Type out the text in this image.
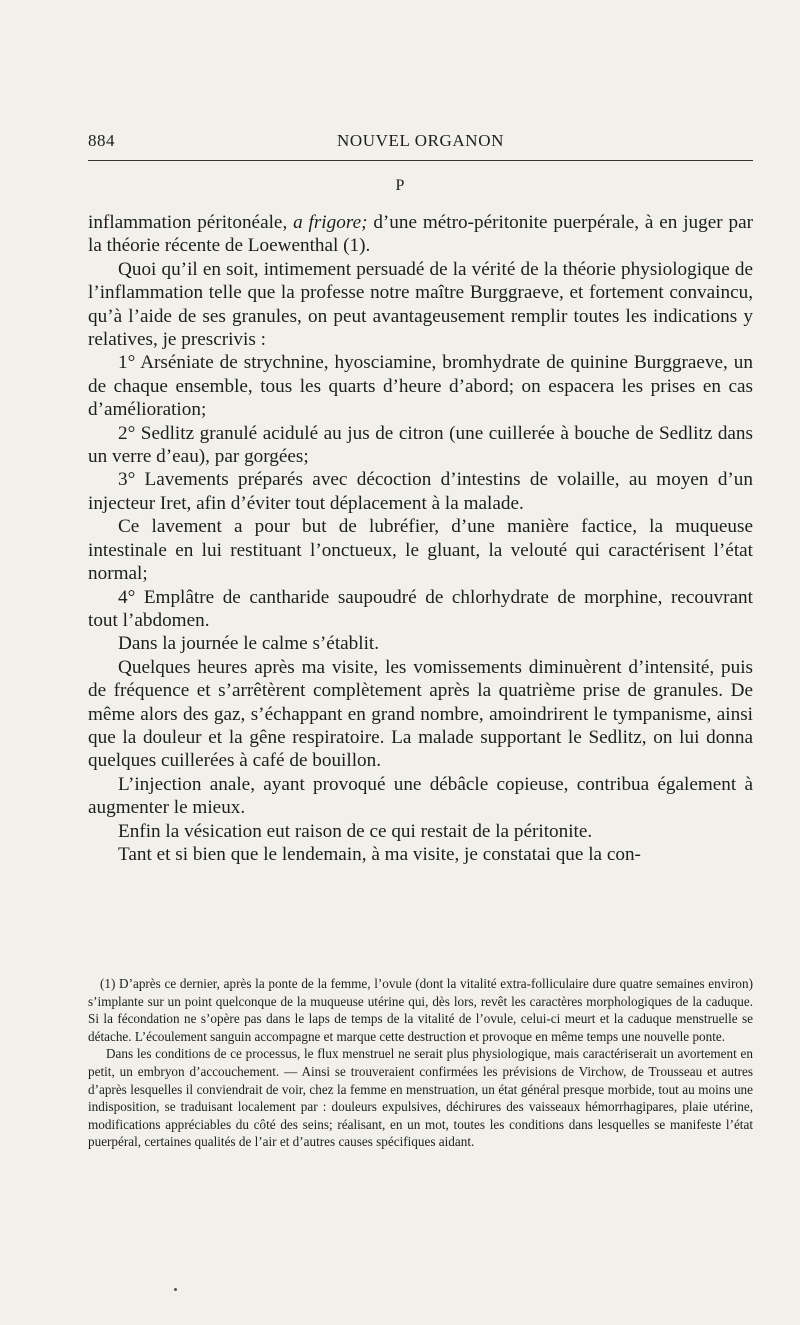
884	NOUVEL ORGANON
P

inflammation péritonéale, a frigore; d’une métro-péritonite puerpérale, à en juger par la théorie récente de Loewenthal (1).

Quoi qu’il en soit, intimement persuadé de la vérité de la théorie physiologique de l’inflammation telle que la professe notre maître Burggraeve, et fortement convaincu, qu’à l’aide de ses granules, on peut avantageusement remplir toutes les indications y relatives, je prescrivis :

1° Arséniate de strychnine, hyosciamine, bromhydrate de quinine Burggraeve, un de chaque ensemble, tous les quarts d’heure d’abord; on espacera les prises en cas d’amélioration;

2° Sedlitz granulé acidulé au jus de citron (une cuillerée à bouche de Sedlitz dans un verre d’eau), par gorgées;

3° Lavements préparés avec décoction d’intestins de volaille, au moyen d’un injecteur Iret, afin d’éviter tout déplacement à la malade.

Ce lavement a pour but de lubréfier, d’une manière factice, la muqueuse intestinale en lui restituant l’onctueux, le gluant, la velouté qui caractérisent l’état normal;

4° Emplâtre de cantharide saupoudré de chlorhydrate de morphine, recouvrant tout l’abdomen.

Dans la journée le calme s’établit.

Quelques heures après ma visite, les vomissements diminuèrent d’intensité, puis de fréquence et s’arrêtèrent complètement après la quatrième prise de granules. De même alors des gaz, s’échappant en grand nombre, amoindrirent le tympanisme, ainsi que la douleur et la gêne respiratoire. La malade supportant le Sedlitz, on lui donna quelques cuillerées à café de bouillon.

L’injection anale, ayant provoqué une débâcle copieuse, contribua également à augmenter le mieux.

Enfin la vésication eut raison de ce qui restait de la péritonite.

Tant et si bien que le lendemain, à ma visite, je constatai que la con-

(1) D’après ce dernier, après la ponte de la femme, l’ovule (dont la vitalité extra-folliculaire dure quatre semaines environ) s’implante sur un point quelconque de la muqueuse utérine qui, dès lors, revêt les caractères morphologiques de la caduque. Si la fécondation ne s’opère pas dans le laps de temps de la vitalité de l’ovule, celui-ci meurt et la caduque menstruelle se détache. L’écoulement sanguin accompagne et marque cette destruction et provoque en même temps une nouvelle ponte.

Dans les conditions de ce processus, le flux menstruel ne serait plus physiologique, mais caractériserait un avortement en petit, un embryon d’accouchement. — Ainsi se trouveraient confirmées les prévisions de Virchow, de Trousseau et autres d’après lesquelles il conviendrait de voir, chez la femme en menstruation, un état général presque morbide, tout au moins une indisposition, se traduisant localement par : douleurs expulsives, déchirures des vaisseaux hémorrhagipares, plaie utérine, modifications appréciables du côté des seins; réalisant, en un mot, toutes les conditions dans lesquelles se manifeste l’état puerpéral, certaines qualités de l’air et d’autres causes spécifiques aidant.
